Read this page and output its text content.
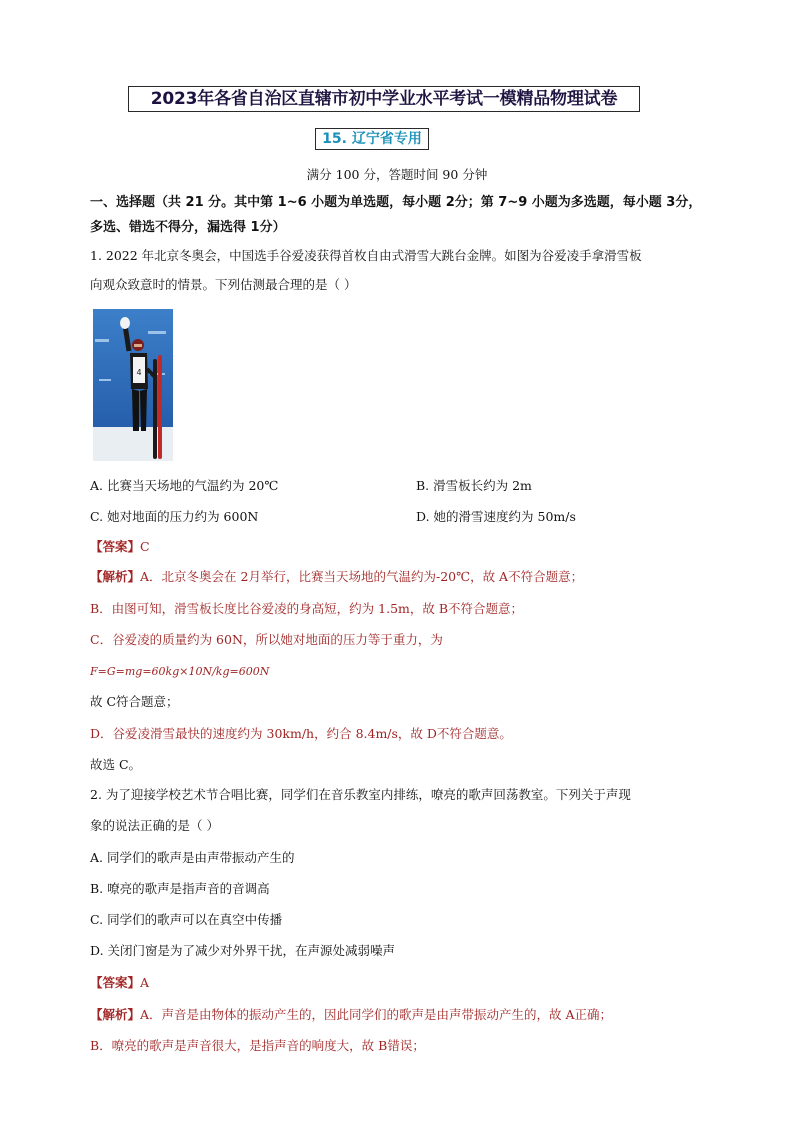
2023年各省自治区直辖市初中学业水平考试一模精品物理试卷
15. 辽宁省专用
满分 100 分，答题时间 90 分钟
一、选择题（共 21 分。其中第 1~6 小题为单选题，每小题 2分；第 7~9 小题为多选题，每小题 3分，
多选、错选不得分，漏选得 1分）
1. 2022 年北京冬奥会，中国选手谷爱凌获得首枚自由式滑雪大跳台金牌。如图为谷爱凌手拿滑雪板
向观众致意时的情景。下列估测最合理的是（ ）
4
A. 比赛当天场地的气温约为 20℃	B. 滑雪板长约为 2m
C. 她对地面的压力约为 600N	D. 她的滑雪速度约为 50m/s
【答案】C
【解析】A．北京冬奥会在 2月举行，比赛当天场地的气温约为-20℃，故 A不符合题意；
B．由图可知，滑雪板长度比谷爱凌的身高短，约为 1.5m，故 B不符合题意；
C．谷爱凌的质量约为 60N，所以她对地面的压力等于重力，为
F=G=mg=60kg×10N/kg=600N
故 C符合题意；
D．谷爱凌滑雪最快的速度约为 30km/h，约合 8.4m/s，故 D不符合题意。
故选 C。
2. 为了迎接学校艺术节合唱比赛，同学们在音乐教室内排练，嘹亮的歌声回荡教室。下列关于声现
象的说法正确的是（ ）
A. 同学们的歌声是由声带振动产生的
B. 嘹亮的歌声是指声音的音调高
C. 同学们的歌声可以在真空中传播
D. 关闭门窗是为了减少对外界干扰，在声源处减弱噪声
【答案】A
【解析】A．声音是由物体的振动产生的，因此同学们的歌声是由声带振动产生的，故 A正确；
B．嘹亮的歌声是声音很大，是指声音的响度大，故 B错误；
